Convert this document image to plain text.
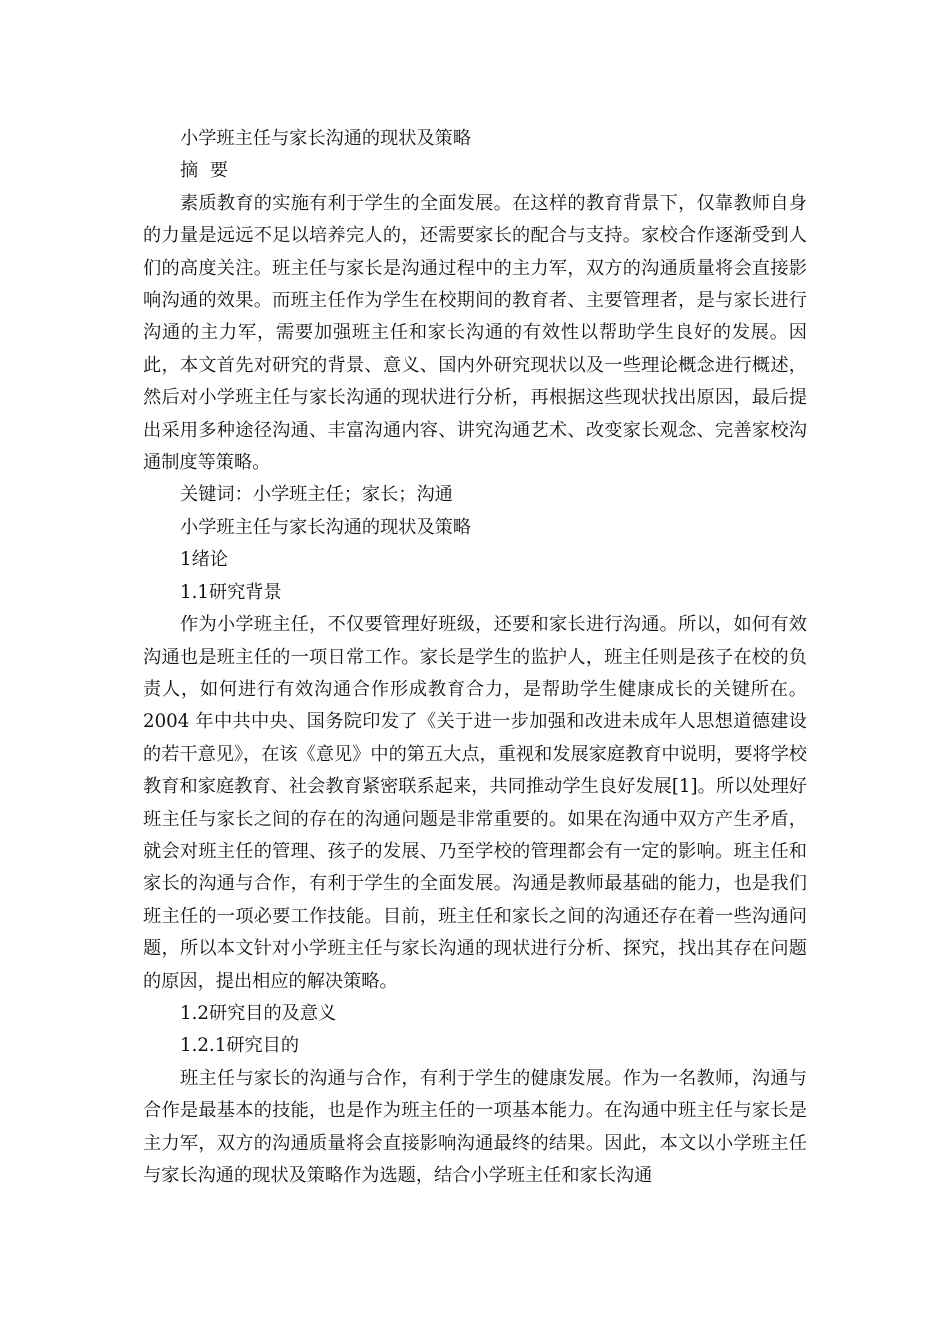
小学班主任与家长沟通的现状及策略

摘  要

素质教育的实施有利于学生的全面发展。在这样的教育背景下，仅靠教师自身的力量是远远不足以培养完人的，还需要家长的配合与支持。家校合作逐渐受到人们的高度关注。班主任与家长是沟通过程中的主力军，双方的沟通质量将会直接影响沟通的效果。而班主任作为学生在校期间的教育者、主要管理者，是与家长进行沟通的主力军，需要加强班主任和家长沟通的有效性以帮助学生良好的发展。因此，本文首先对研究的背景、意义、国内外研究现状以及一些理论概念进行概述，然后对小学班主任与家长沟通的现状进行分析，再根据这些现状找出原因，最后提出采用多种途径沟通、丰富沟通内容、讲究沟通艺术、改变家长观念、完善家校沟通制度等策略。

关键词：小学班主任；家长；沟通

小学班主任与家长沟通的现状及策略

1绪论

1.1研究背景

作为小学班主任，不仅要管理好班级，还要和家长进行沟通。所以，如何有效沟通也是班主任的一项日常工作。家长是学生的监护人，班主任则是孩子在校的负责人，如何进行有效沟通合作形成教育合力，是帮助学生健康成长的关键所在。2004 年中共中央、国务院印发了《关于进一步加强和改进未成年人思想道德建设的若干意见》，在该《意见》中的第五大点，重视和发展家庭教育中说明，要将学校教育和家庭教育、社会教育紧密联系起来，共同推动学生良好发展[1]。所以处理好班主任与家长之间的存在的沟通问题是非常重要的。如果在沟通中双方产生矛盾，就会对班主任的管理、孩子的发展、乃至学校的管理都会有一定的影响。班主任和家长的沟通与合作，有利于学生的全面发展。沟通是教师最基础的能力，也是我们班主任的一项必要工作技能。目前，班主任和家长之间的沟通还存在着一些沟通问题，所以本文针对小学班主任与家长沟通的现状进行分析、探究，找出其存在问题的原因，提出相应的解决策略。

1.2研究目的及意义

1.2.1研究目的

班主任与家长的沟通与合作，有利于学生的健康发展。作为一名教师，沟通与合作是最基本的技能，也是作为班主任的一项基本能力。在沟通中班主任与家长是主力军，双方的沟通质量将会直接影响沟通最终的结果。因此，本文以小学班主任与家长沟通的现状及策略作为选题，结合小学班主任和家长沟通
